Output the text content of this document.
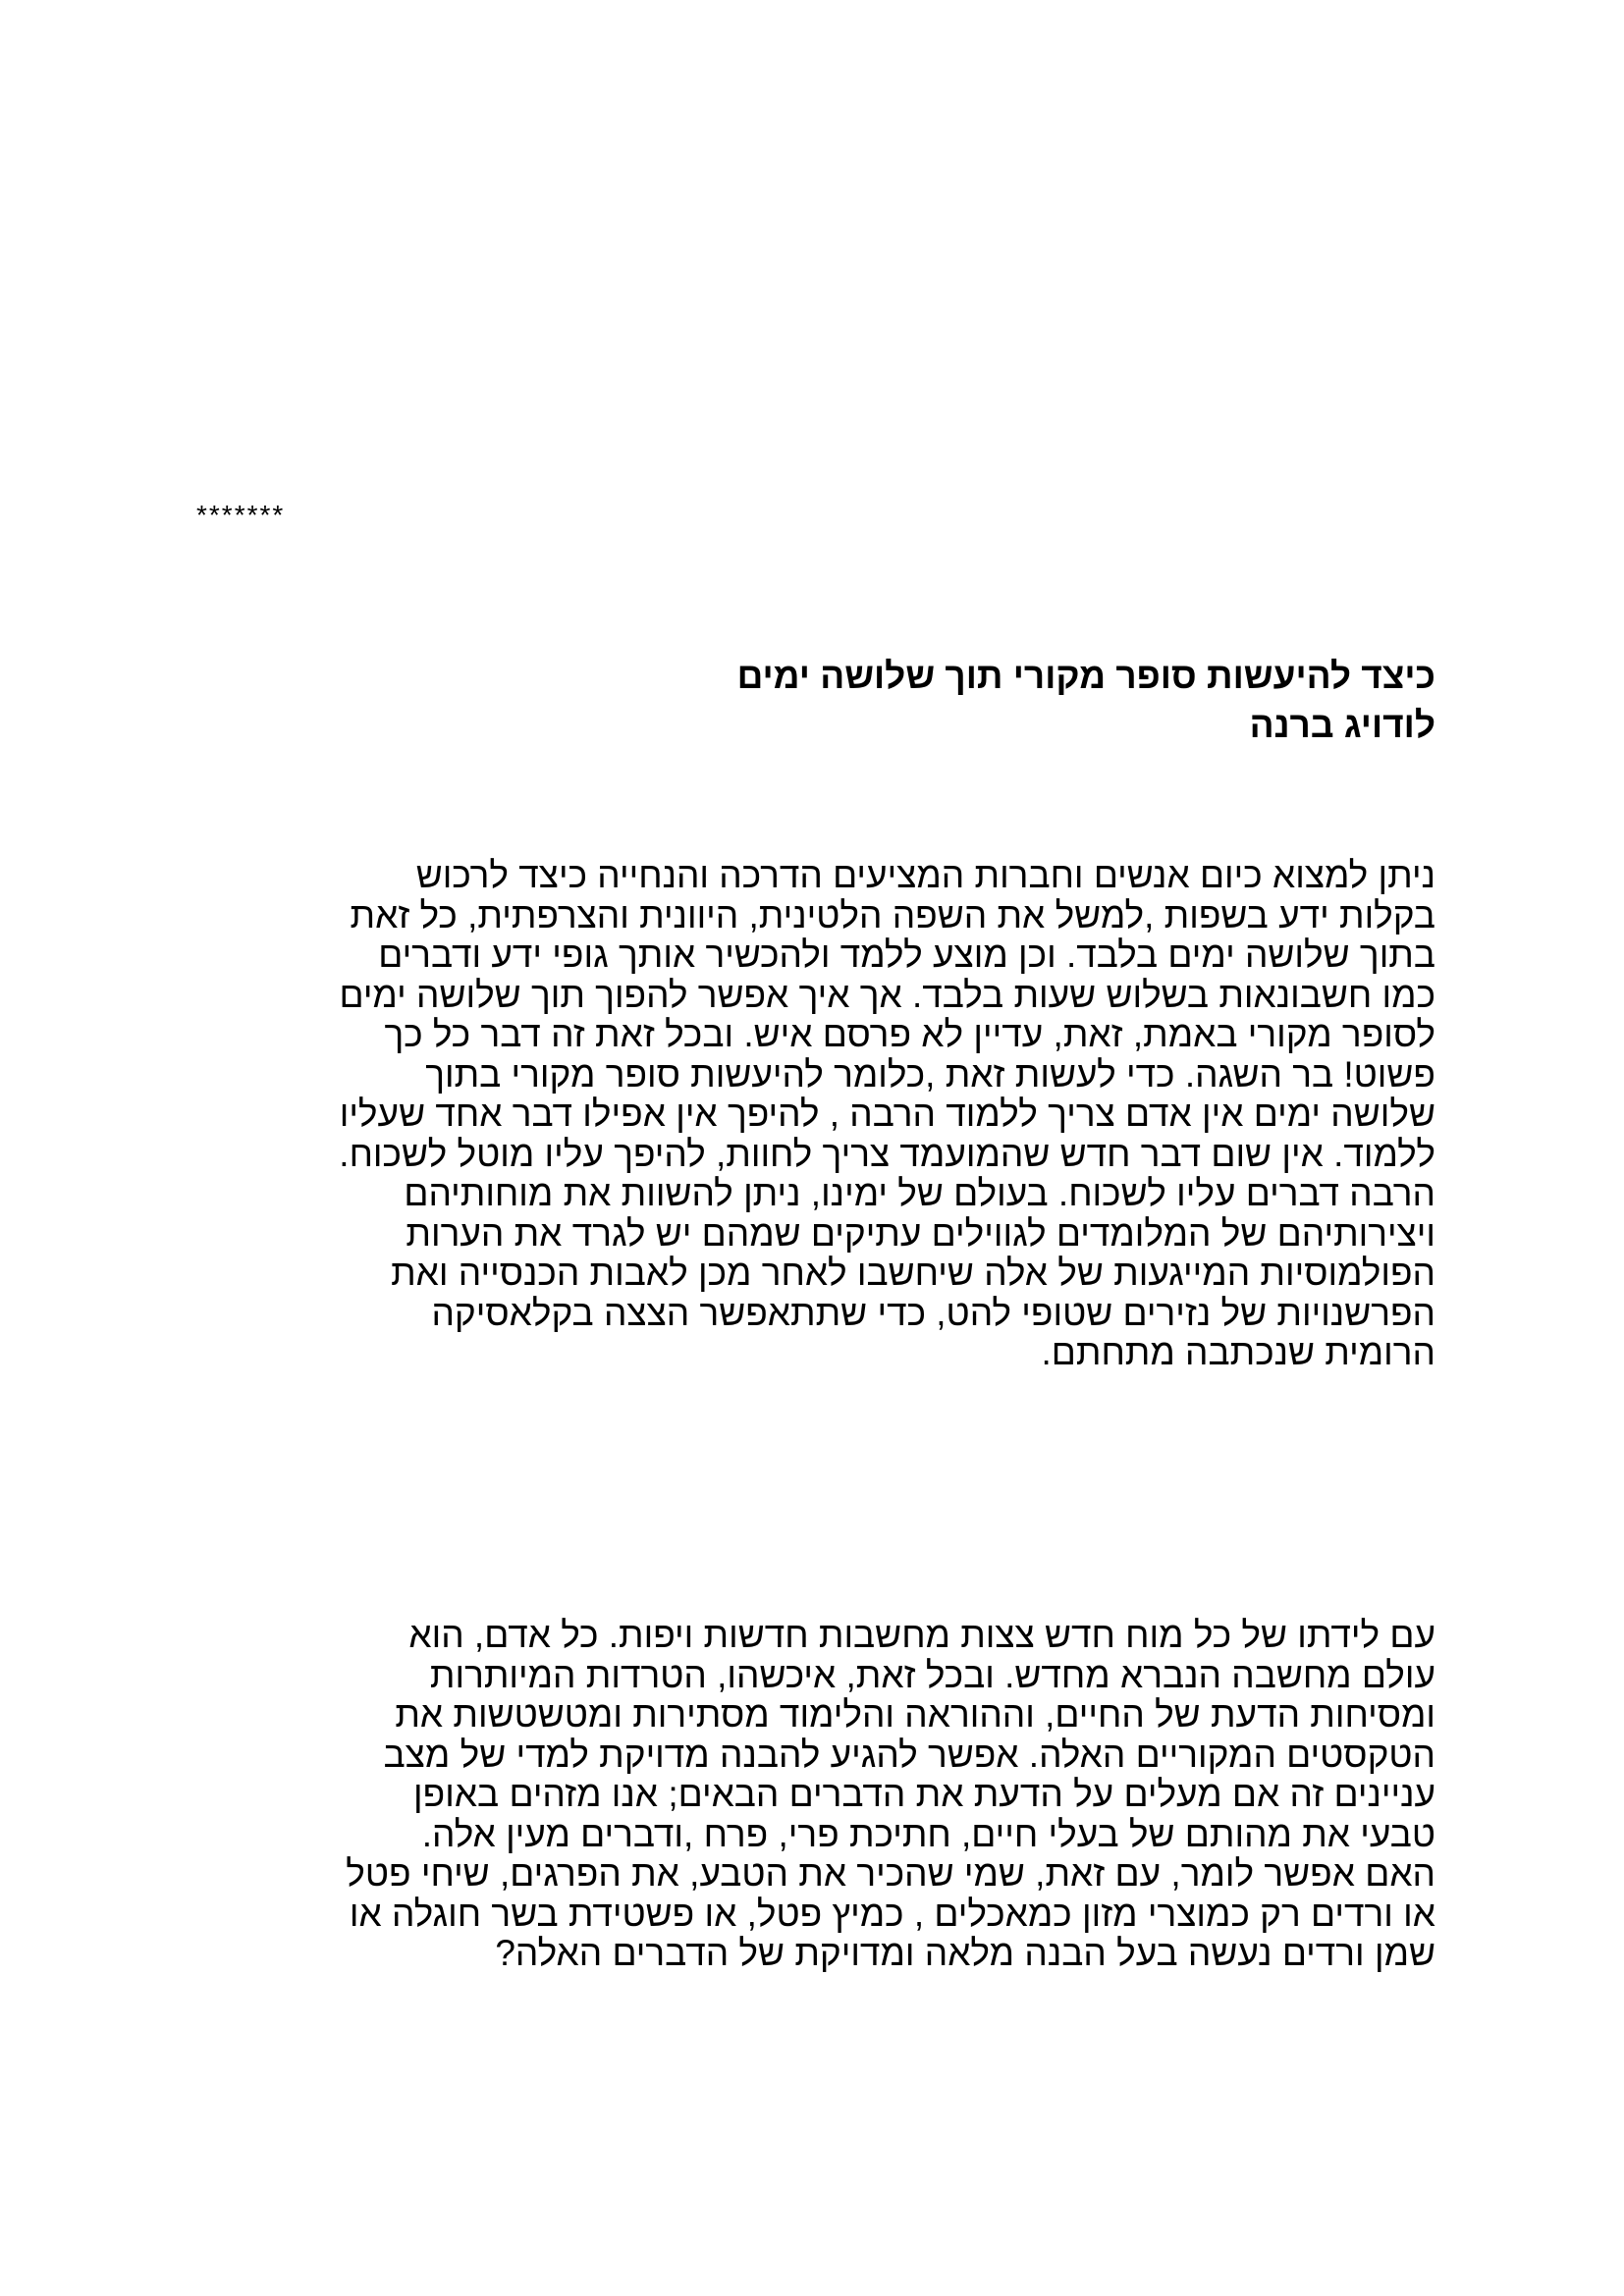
*******
כיצד להיעשות סופר מקורי תוך שלושה ימים
לודויג ברנה
ניתן למצוא כיום אנשים וחברות המציעים הדרכה והנחייה כיצד לרכוש
בקלות ידע בשפות ,למשל את השפה הלטינית, היוונית והצרפתית, כל זאת
בתוך שלושה ימים בלבד. וכן מוצע ללמד ולהכשיר אותך גופי ידע ודברים
כמו חשבונאות בשלוש שעות בלבד. אך איך אפשר להפוך תוך שלושה ימים
לסופר מקורי באמת, זאת, עדיין לא פרסם איש. ובכל זאת זה דבר כל כך
פשוט! בר השגה. כדי לעשות זאת ,כלומר להיעשות סופר מקורי בתוך
שלושה ימים אין אדם צריך ללמוד הרבה , להיפך אין אפילו דבר אחד שעליו
ללמוד. אין שום דבר חדש שהמועמד צריך לחוות, להיפך עליו מוטל לשכוח.
הרבה דברים עליו לשכוח. בעולם של ימינו, ניתן להשוות את מוחותיהם
ויצירותיהם של המלומדים לגווילים עתיקים שמהם יש לגרד את הערות
הפולמוסיות המייגעות של אלה שיחשבו לאחר מכן לאבות הכנסייה ואת
הפרשנויות של נזירים שטופי להט, כדי שתתאפשר הצצה בקלאסיקה
הרומית שנכתבה מתחתם.
עם לידתו של כל מוח חדש צצות מחשבות חדשות ויפות. כל אדם, הוא
עולם מחשבה הנברא מחדש. ובכל זאת, איכשהו, הטרדות המיותרות
ומסיחות הדעת של החיים, וההוראה והלימוד מסתירות ומטשטשות את
הטקסטים המקוריים האלה. אפשר להגיע להבנה מדויקת למדי של מצב
עניינים זה אם מעלים על הדעת את הדברים הבאים; אנו מזהים באופן
טבעי את מהותם של בעלי חיים, חתיכת פרי, פרח ,ודברים מעין אלה.
האם אפשר לומר, עם זאת, שמי שהכיר את הטבע, את הפרגים, שיחי פטל
או ורדים רק כמוצרי מזון כמאכלים , כמיץ פטל, או פשטידת בשר חוגלה או
שמן ורדים נעשה בעל הבנה מלאה ומדויקת של הדברים האלה?
